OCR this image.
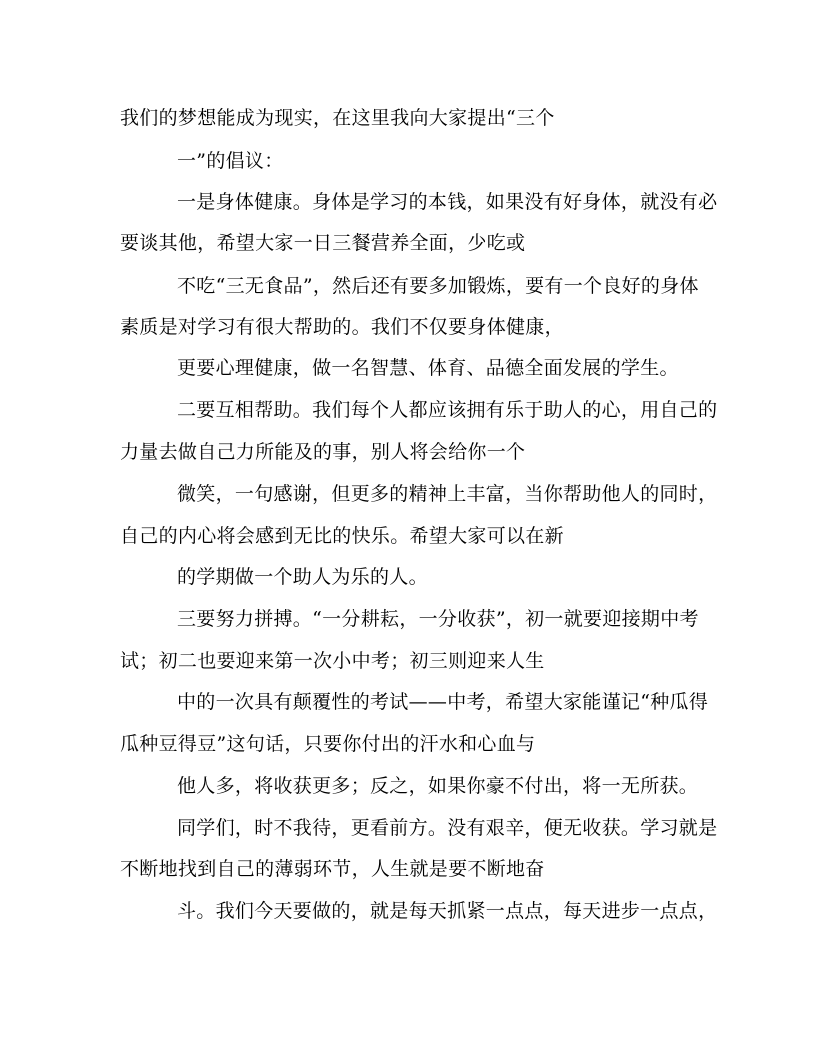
我们的梦想能成为现实，在这里我向大家提出“三个
一”的倡议：
一是身体健康。身体是学习的本钱，如果没有好身体，就没有必
要谈其他，希望大家一日三餐营养全面，少吃或
不吃“三无食品”，然后还有要多加锻炼，要有一个良好的身体
素质是对学习有很大帮助的。我们不仅要身体健康，
更要心理健康，做一名智慧、体育、品德全面发展的学生。
二要互相帮助。我们每个人都应该拥有乐于助人的心，用自己的
力量去做自己力所能及的事，别人将会给你一个
微笑，一句感谢，但更多的精神上丰富，当你帮助他人的同时，
自己的内心将会感到无比的快乐。希望大家可以在新
的学期做一个助人为乐的人。
三要努力拼搏。“一分耕耘，一分收获”，初一就要迎接期中考
试；初二也要迎来第一次小中考；初三则迎来人生
中的一次具有颠覆性的考试——中考，希望大家能谨记“种瓜得
瓜种豆得豆”这句话，只要你付出的汗水和心血与
他人多，将收获更多；反之，如果你豪不付出，将一无所获。
同学们，时不我待，更看前方。没有艰辛，便无收获。学习就是
不断地找到自己的薄弱环节，人生就是要不断地奋
斗。我们今天要做的，就是每天抓紧一点点，每天进步一点点，
